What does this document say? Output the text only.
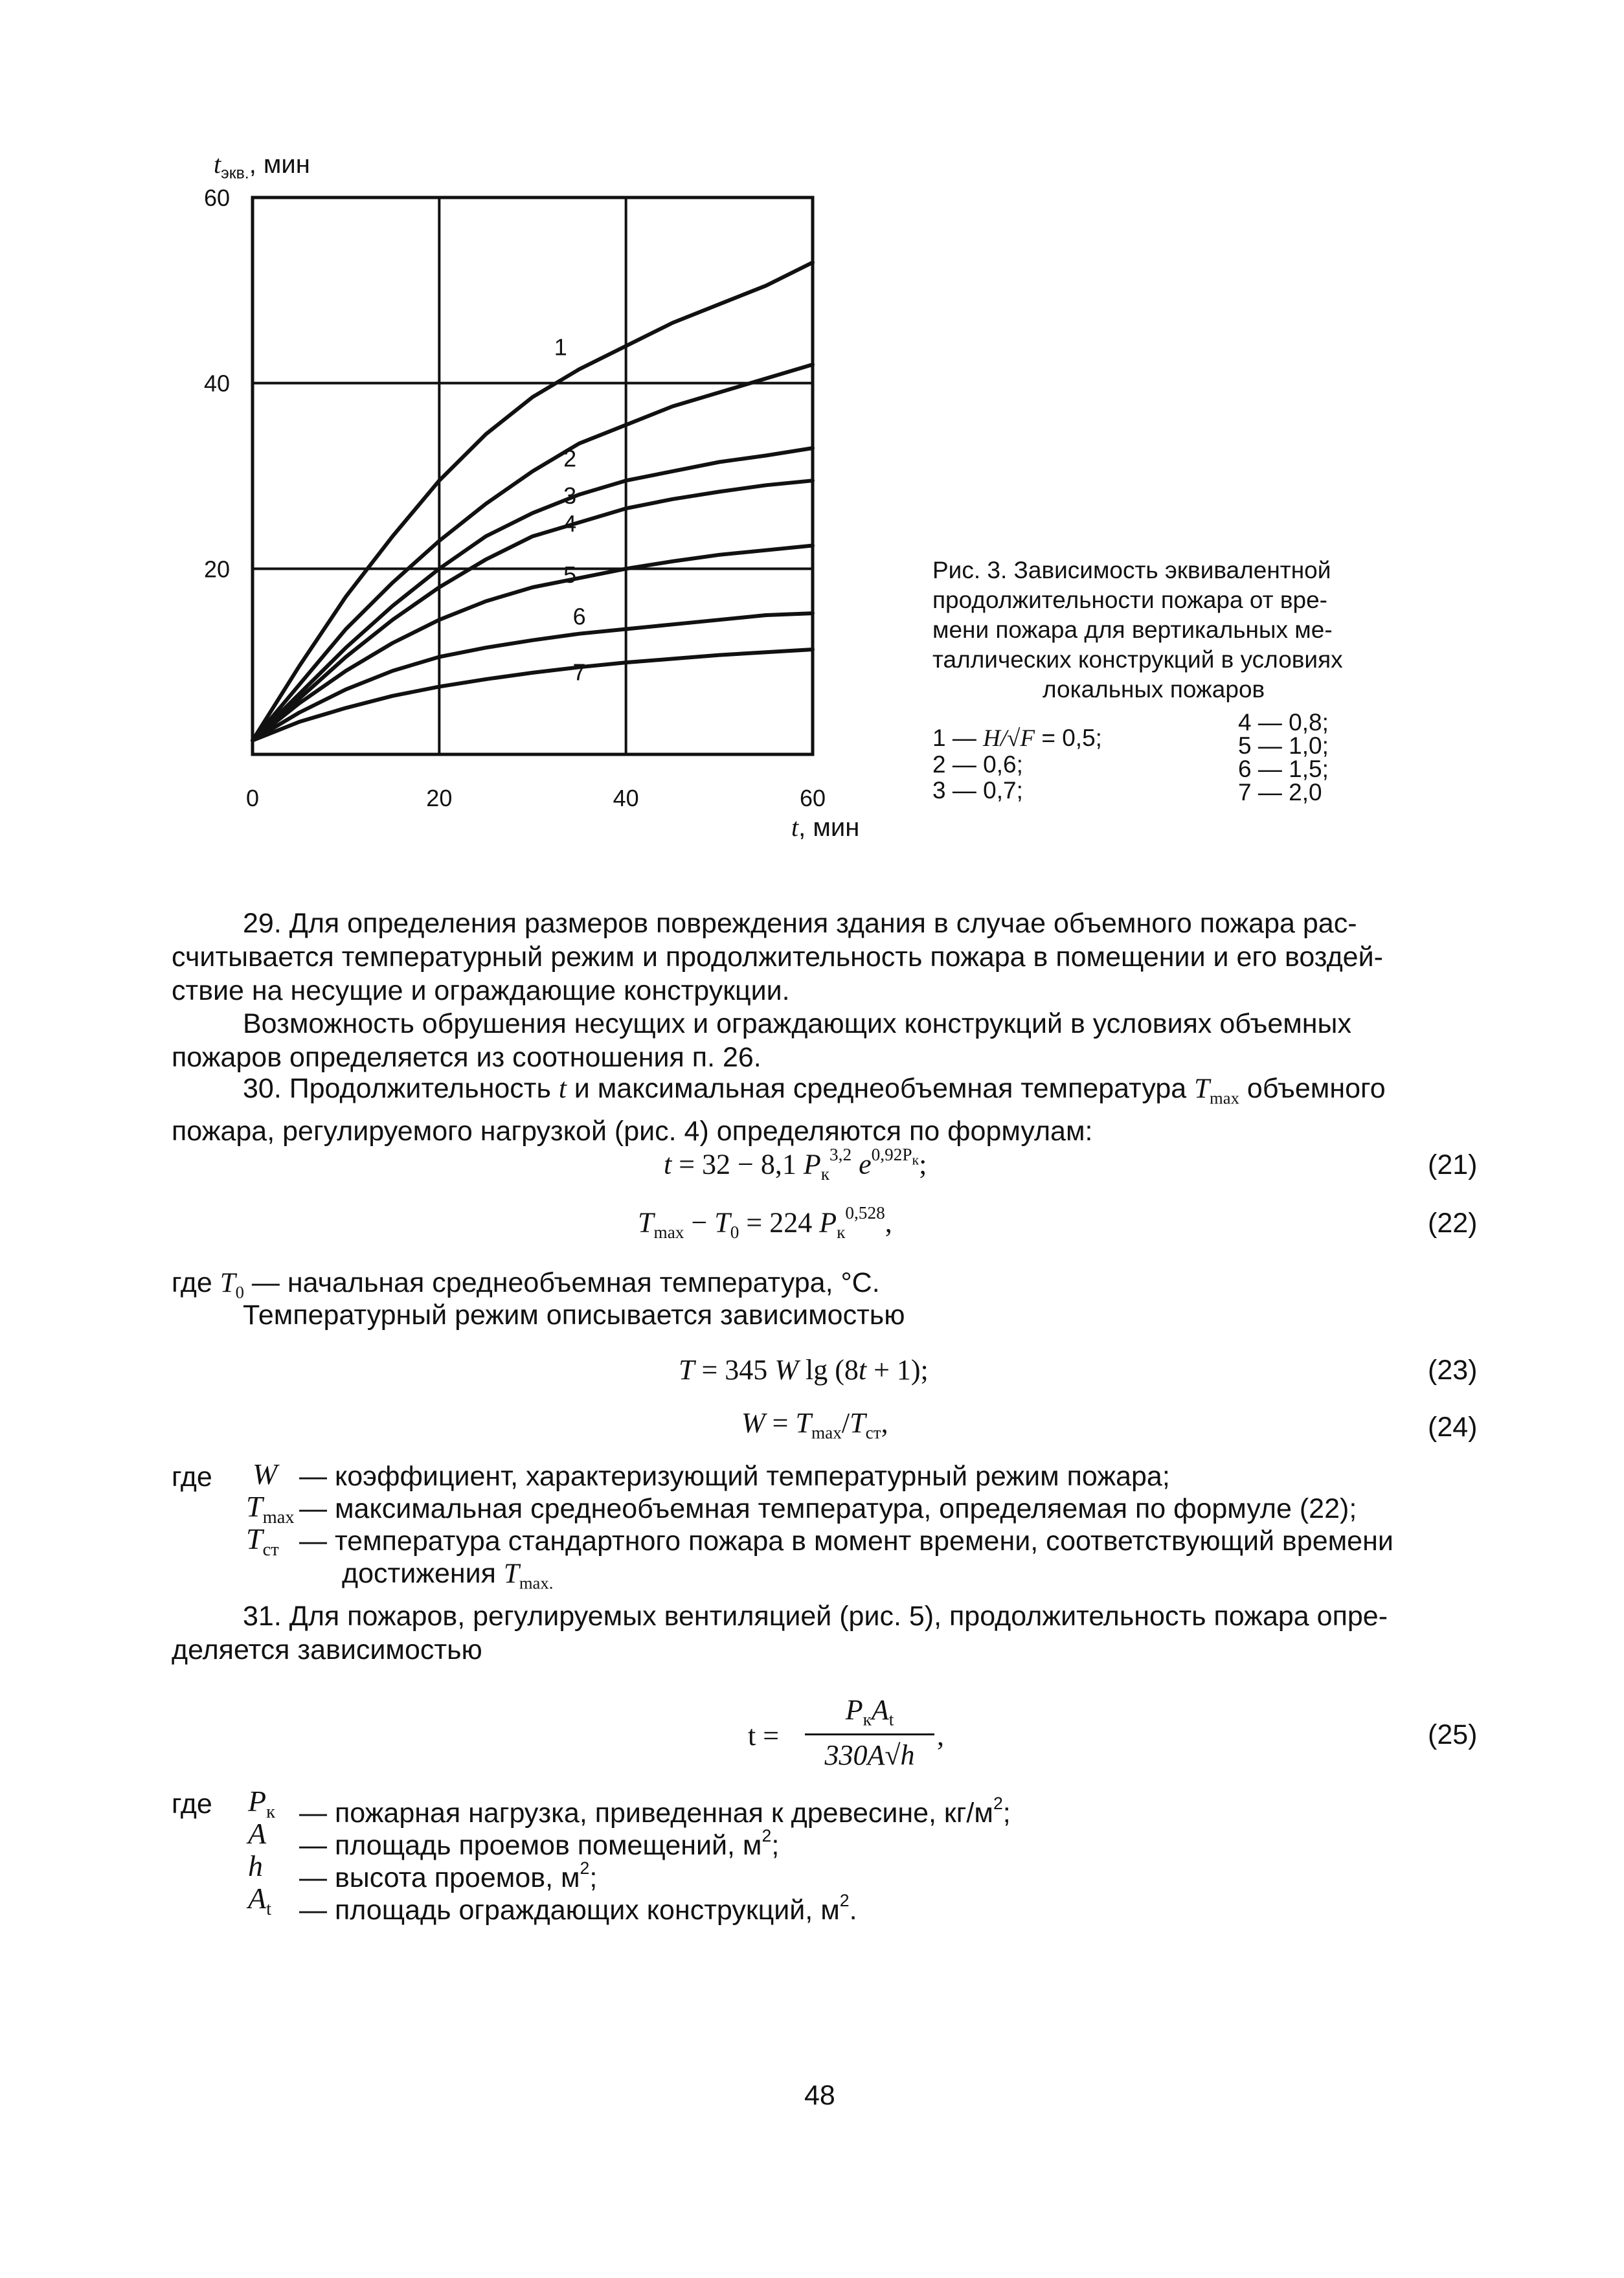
0	20	40	60
20
40
60
1
2
3
4
5
6
7
$t_{экв.}$, мин
t, мин
Рис. 3. Зависимость эквивалентной
продолжительности пожара от вре-
мени пожара для вертикальных ме-
таллических конструкций в условиях
локальных пожаров
1 — H/√F = 0,5;
2 — 0,6;
3 — 0,7;
4 — 0,8;
5 — 1,0;
6 — 1,5;
7 — 2,0
29. Для определения размеров повреждения здания в случае объемного пожара рас-
считывается температурный режим и продолжительность пожара в помещении и его воздей-
ствие на несущие и ограждающие конструкции.
Возможность обрушения несущих и ограждающих конструкций в условиях объемных
пожаров определяется из соотношения п. 26.
30. Продолжительность t и максимальная среднеобъемная температура $T_{max}$ объемного
пожара, регулируемого нагрузкой (рис. 4) определяются по формулам:
t = 32 − 8,1 $P_к^{3,2}$ $e^{0,92P_к}$;	(21)
$T_{max} - T_0 = 224$ $P_к^{0,528}$,	(22)
где $T_0$ — начальная среднеобъемная температура, °C.
Температурный режим описывается зависимостью
T = 345 W lg (8t + 1);	(23)
$W = T_{max}/T_{ст}$,	(24)
где W — коэффициент, характеризующий температурный режим пожара;
$T_{max}$ — максимальная среднеобъемная температура, определяемая по формуле (22);
$T_{ст}$ — температура стандартного пожара в момент времени, соответствующий времени
достижения $T_{max.}$
31. Для пожаров, регулируемых вентиляцией (рис. 5), продолжительность пожара опре-
деляется зависимостью
t =
$P_кA_t$
330A√h
,	(25)
где $P_к$ — пожарная нагрузка, приведенная к древесине, $кг/м^2$;
A — площадь проемов помещений, $м^2$;
h — высота проемов, $м^2$;
$A_t$ — площадь ограждающих конструкций, $м^2$.
48
